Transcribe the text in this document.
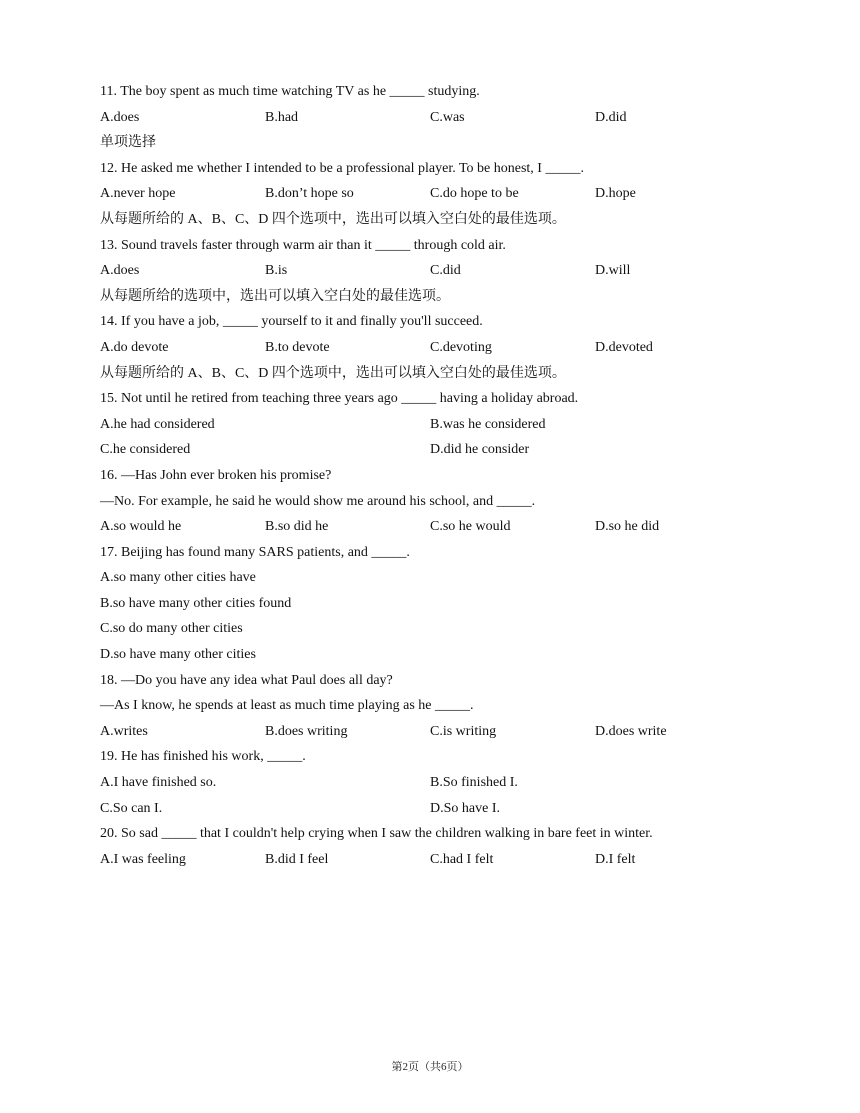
11. The boy spent as much time watching TV as he _____ studying.
A.does	B.had	C.was	D.did
单项选择
12. He asked me whether I intended to be a professional player. To be honest, I _____.
A.never hope	B.don’t hope so	C.do hope to be	D.hope
从每题所给的 A、B、C、D 四个选项中，选出可以填入空白处的最佳选项。
13. Sound travels faster through warm air than it _____ through cold air.
A.does	B.is	C.did	D.will
从每题所给的选项中，选出可以填入空白处的最佳选项。
14. If you have a job, _____ yourself to it and finally you'll succeed.
A.do devote	B.to devote	C.devoting	D.devoted
从每题所给的 A、B、C、D 四个选项中，选出可以填入空白处的最佳选项。
15. Not until he retired from teaching three years ago _____ having a holiday abroad.
A.he had considered	B.was he considered
C.he considered	D.did he consider
16. —Has John ever broken his promise?
—No. For example, he said he would show me around his school, and _____.
A.so would he	B.so did he	C.so he would	D.so he did
17. Beijing has found many SARS patients, and _____.
A.so many other cities have
B.so have many other cities found
C.so do many other cities
D.so have many other cities
18. —Do you have any idea what Paul does all day?
—As I know, he spends at least as much time playing as he _____.
A.writes	B.does writing	C.is writing	D.does write
19. He has finished his work, _____.
A.I have finished so.	B.So finished I.
C.So can I.	D.So have I.
20. So sad _____ that I couldn't help crying when I saw the children walking in bare feet in winter.
A.I was feeling	B.did I feel	C.had I felt	D.I felt
第2页（共6页）
